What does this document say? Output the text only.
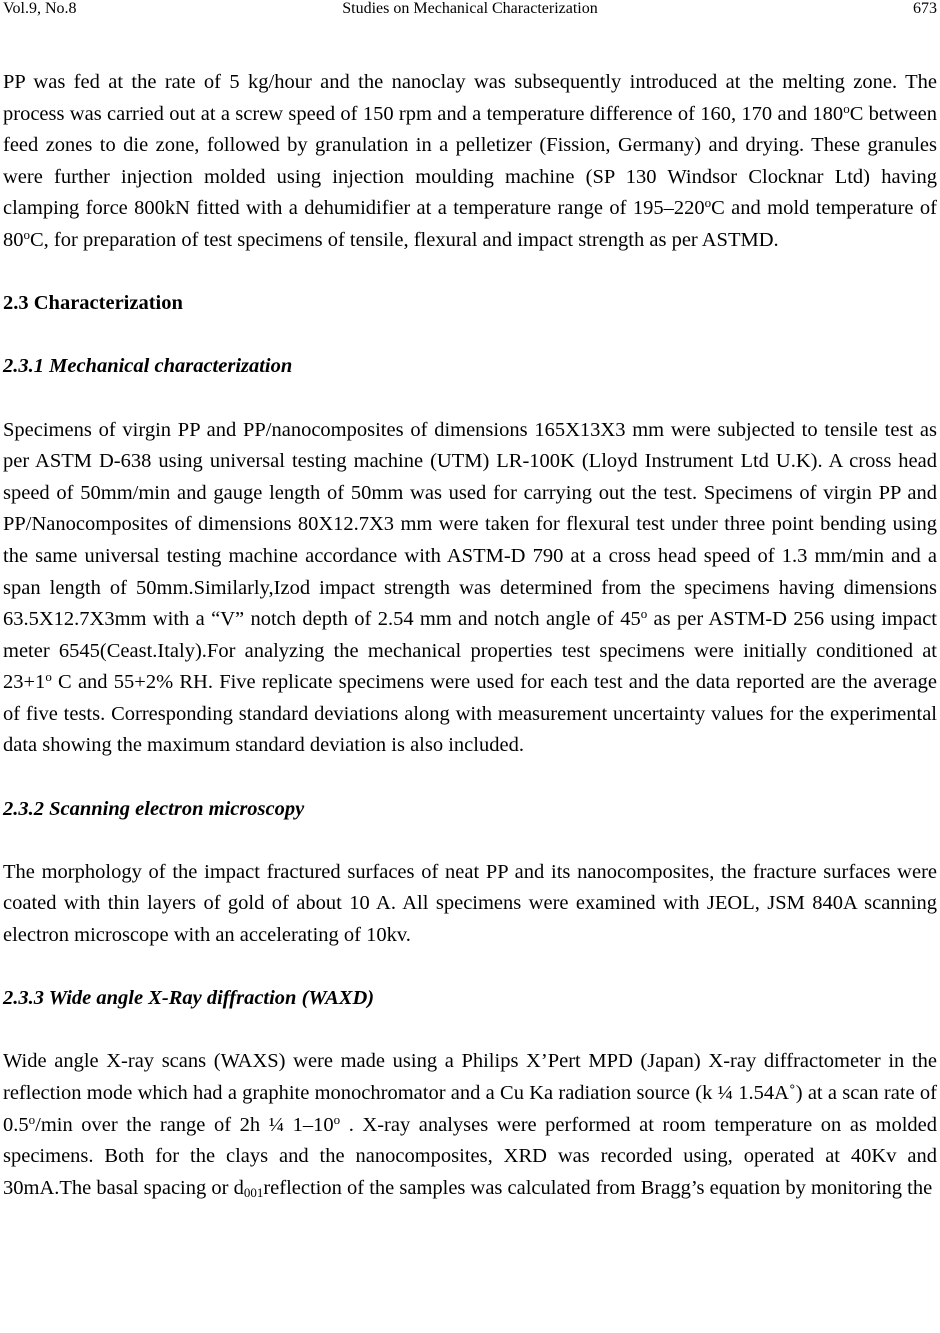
Vol.9, No.8	Studies on Mechanical Characterization	673

PP was fed at the rate of 5 kg/hour and the nanoclay was subsequently introduced at the melting zone. The process was carried out at a screw speed of 150 rpm and a temperature difference of 160, 170 and 180$^o$C between feed zones to die zone, followed by granulation in a pelletizer (Fission, Germany) and drying. These granules were further injection molded using injection moulding machine (SP 130 Windsor Clocknar Ltd) having clamping force 800kN fitted with a dehumidifier at a temperature range of 195–220$^o$C and mold temperature of 80$^o$C, for preparation of test specimens of tensile, flexural and impact strength as per ASTMD.

2.3 Characterization
2.3.1 Mechanical characterization

Specimens of virgin PP and PP/nanocomposites of dimensions 165X13X3 mm were subjected to tensile test as per ASTM D-638 using universal testing machine (UTM) LR-100K (Lloyd Instrument Ltd U.K). A cross head speed of 50mm/min and gauge length of 50mm was used for carrying out the test. Specimens of virgin PP and PP/Nanocomposites of dimensions 80X12.7X3 mm were taken for flexural test under three point bending using the same universal testing machine accordance with ASTM-D 790 at a cross head speed of 1.3 mm/min and a span length of 50mm.Similarly,Izod impact strength was determined from the specimens having dimensions 63.5X12.7X3mm with a “V” notch depth of 2.54 mm and notch angle of 45$^o$ as per ASTM-D 256 using impact meter 6545(Ceast.Italy).For analyzing the mechanical properties test specimens were initially conditioned at $23+1^o$ C and 55+2% RH. Five replicate specimens were used for each test and the data reported are the average of five tests. Corresponding standard deviations along with measurement uncertainty values for the experimental data showing the maximum standard deviation is also included.

2.3.2 Scanning electron microscopy

The morphology of the impact fractured surfaces of neat PP and its nanocomposites, the fracture surfaces were coated with thin layers of gold of about 10 A. All specimens were examined with JEOL, JSM 840A scanning electron microscope with an accelerating of 10kv.

2.3.3 Wide angle X-Ray diffraction (WAXD)

Wide angle X-ray scans (WAXS) were made using a Philips X’Pert MPD (Japan) X-ray diffractometer in the reflection mode which had a graphite monochromator and a Cu Ka radiation source (k ¼ 1.54A˚) at a scan rate of 0.5$^o$/min over the range of 2h ¼ 1–10$^o$ . X-ray analyses were performed at room temperature on as molded specimens. Both for the clays and the nanocomposites, XRD was recorded using, operated at 40Kv and 30mA.The basal spacing or $d_{001}reflection$ of the samples was calculated from Bragg’s equation by monitoring the
